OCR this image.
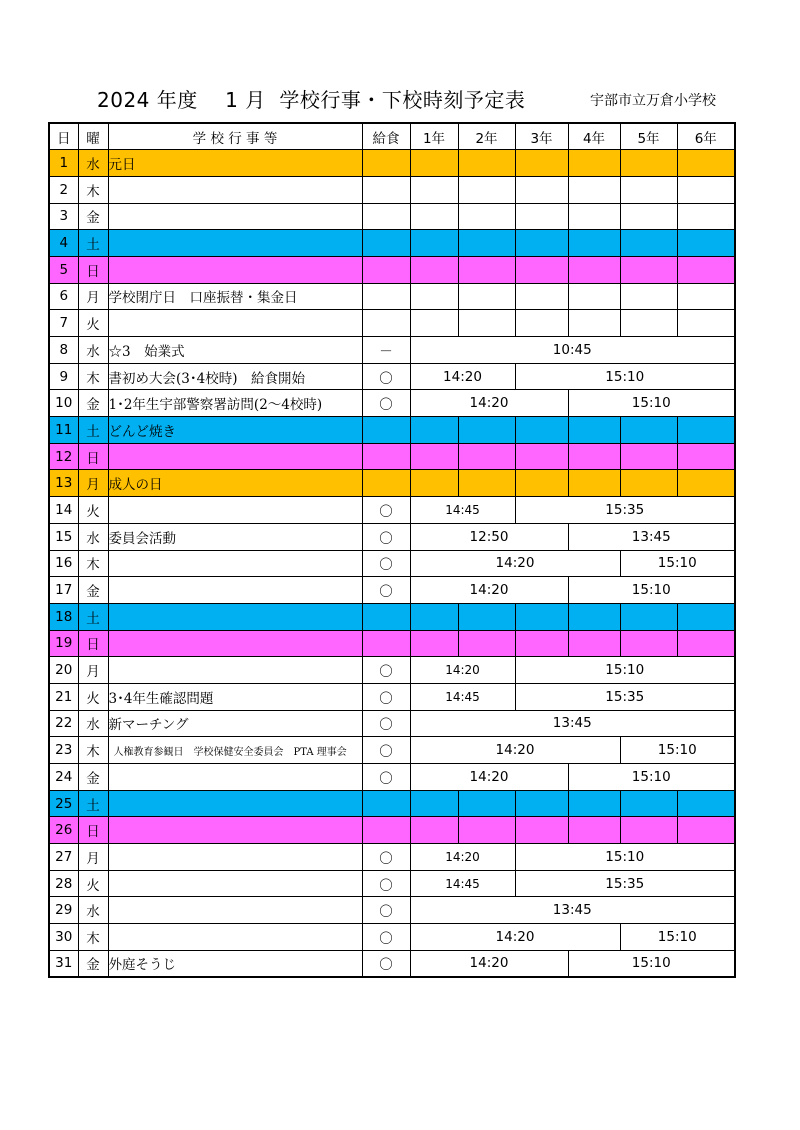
2024 年度　 1 月  学校行事・下校時刻予定表	宇部市立万倉小学校
日	曜	学 校 行 事 等	給食	1年	2年	3年	4年	5年	6年
1	水	元日							
2	木								
3	金								
4	土								
5	日								
6	月	学校閉庁日　口座振替・集金日							
7	火								
8	水	☆3　始業式	－	10:45					
9	木	書初め大会(3･4校時)　給食開始	〇	14:20		15:10			
10	金	1･2年生宇部警察署訪問(2～4校時)	〇	14:20			15:10		
11	土	どんど焼き							
12	日								
13	月	成人の日							
14	火		〇	14:45		15:35			
15	水	委員会活動	〇	12:50			13:45		
16	木		〇	14:20				15:10	
17	金		〇	14:20			15:10		
18	土								
19	日								
20	月		〇	14:20		15:10			
21	火	3･4年生確認問題	〇	14:45		15:35			
22	水	新マーチング	〇	13:45					
23	木	人権教育参観日　学校保健安全委員会　PTA 理事会	〇	14:20				15:10	
24	金		〇	14:20			15:10		
25	土								
26	日								
27	月		〇	14:20		15:10			
28	火		〇	14:45		15:35			
29	水		〇	13:45					
30	木		〇	14:20				15:10	
31	金	外庭そうじ	〇	14:20			15:10		
